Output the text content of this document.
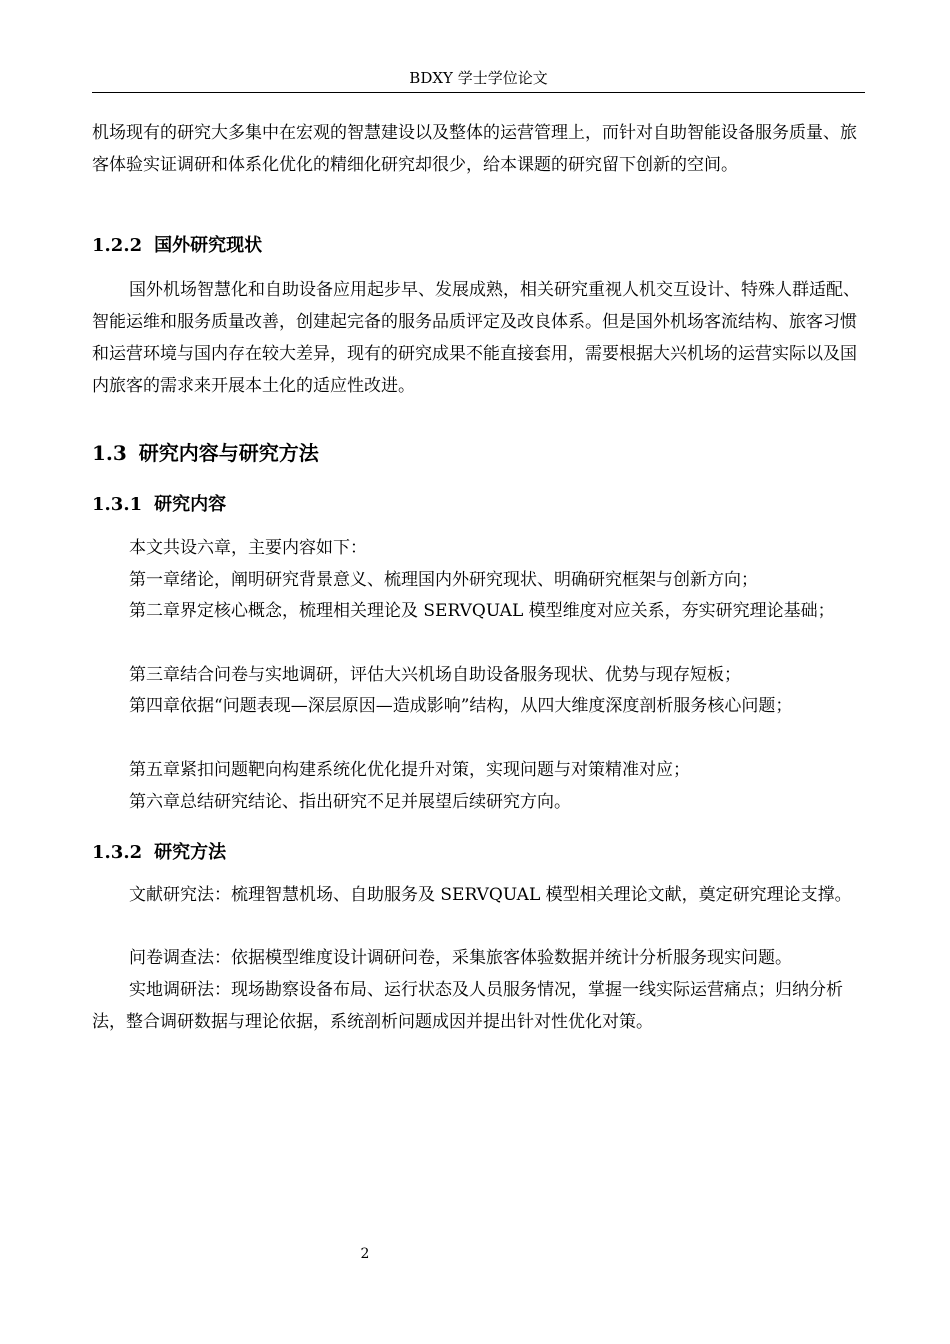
BDXY 学士学位论文

机场现有的研究大多集中在宏观的智慧建设以及整体的运营管理上，而针对自助智能设备服务质量、旅客体验实证调研和体系化优化的精细化研究却很少，给本课题的研究留下创新的空间。

1.2.2 国外研究现状

国外机场智慧化和自助设备应用起步早、发展成熟，相关研究重视人机交互设计、特殊人群适配、智能运维和服务质量改善，创建起完备的服务品质评定及改良体系。但是国外机场客流结构、旅客习惯和运营环境与国内存在较大差异，现有的研究成果不能直接套用，需要根据大兴机场的运营实际以及国内旅客的需求来开展本土化的适应性改进。

1.3 研究内容与研究方法
1.3.1 研究内容

本文共设六章，主要内容如下：

第一章绪论，阐明研究背景意义、梳理国内外研究现状、明确研究框架与创新方向；

第二章界定核心概念，梳理相关理论及 SERVQUAL 模型维度对应关系，夯实研究理论基础；

第三章结合问卷与实地调研，评估大兴机场自助设备服务现状、优势与现存短板；

第四章依据“问题表现—深层原因—造成影响”结构，从四大维度深度剖析服务核心问题；

第五章紧扣问题靶向构建系统化优化提升对策，实现问题与对策精准对应；

第六章总结研究结论、指出研究不足并展望后续研究方向。

1.3.2 研究方法

文献研究法：梳理智慧机场、自助服务及 SERVQUAL 模型相关理论文献，奠定研究理论支撑。

问卷调查法：依据模型维度设计调研问卷，采集旅客体验数据并统计分析服务现实问题。

实地调研法：现场勘察设备布局、运行状态及人员服务情况，掌握一线实际运营痛点；归纳分析法，整合调研数据与理论依据，系统剖析问题成因并提出针对性优化对策。

2
